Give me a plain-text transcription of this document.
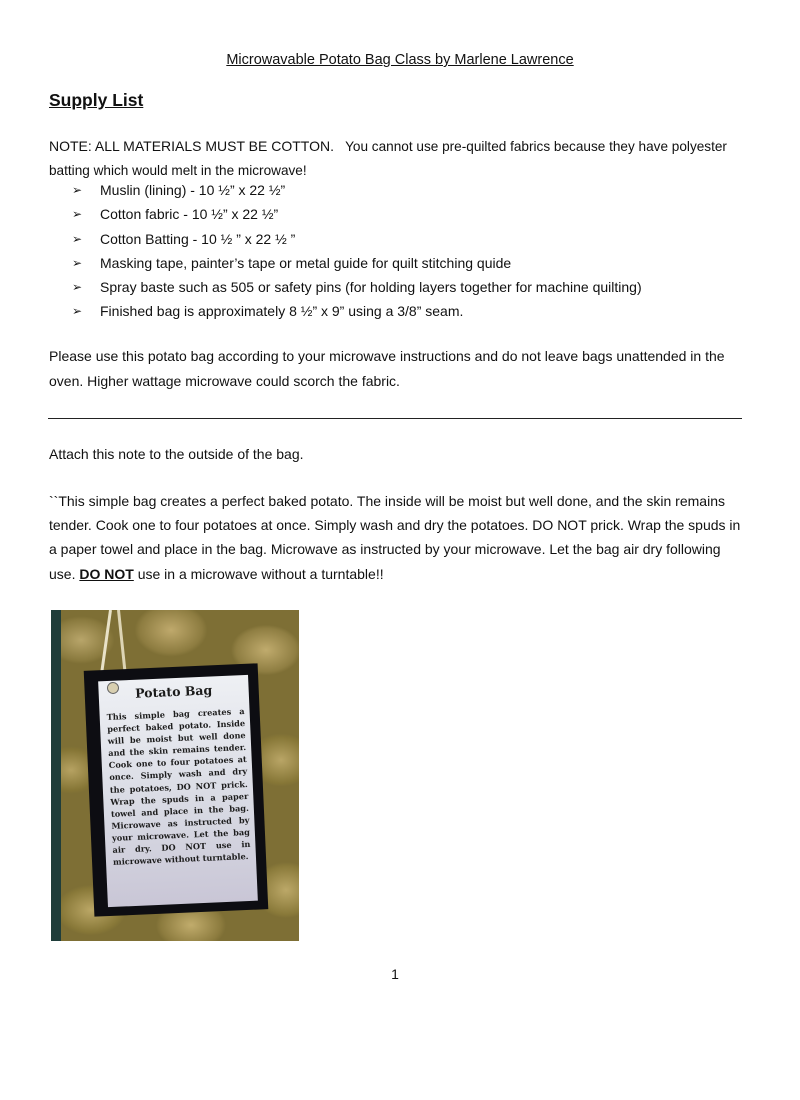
Microwavable Potato Bag Class by Marlene Lawrence
Supply List
NOTE: ALL MATERIALS MUST BE COTTON. You cannot use pre-quilted fabrics because they have polyester batting which would melt in the microwave!
➢ Muslin (lining) - 10 ½” x 22 ½”
➢ Cotton fabric - 10 ½” x 22 ½”
➢ Cotton Batting - 10 ½ ” x 22 ½ ”
➢ Masking tape, painter’s tape or metal guide for quilt stitching quide
➢ Spray baste such as 505 or safety pins (for holding layers together for machine quilting)
➢ Finished bag is approximately 8 ½” x 9” using a 3/8” seam.
Please use this potato bag according to your microwave instructions and do not leave bags unattended in the oven. Higher wattage microwave could scorch the fabric.
Attach this note to the outside of the bag.
``This simple bag creates a perfect baked potato. The inside will be moist but well done, and the skin remains tender. Cook one to four potatoes at once. Simply wash and dry the potatoes. DO NOT prick. Wrap the spuds in a paper towel and place in the bag. Microwave as instructed by your microwave. Let the bag air dry following use. DO NOT use in a microwave without a turntable!!
Potato Bag
This simple bag creates a perfect baked potato. Inside will be moist but well done and the skin remains tender. Cook one to four potatoes at once. Simply wash and dry the potatoes, DO NOT prick. Wrap the spuds in a paper towel and place in the bag. Microwave as instructed by your microwave. Let the bag air dry. DO NOT use in microwave without turntable.
1
